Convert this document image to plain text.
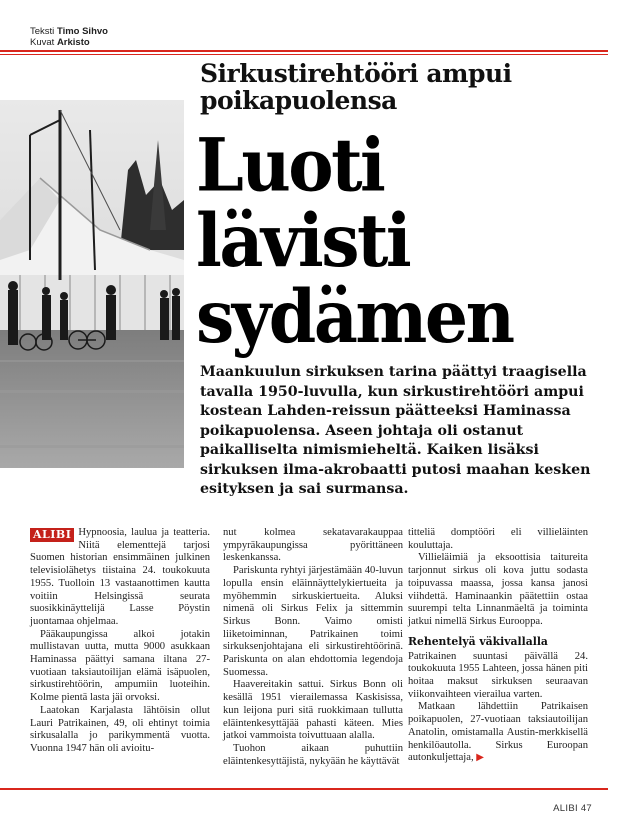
Teksti Timo Sihvo
Kuvat Arkisto
Sirkustirehtööri ampui poikapuolensa
Luoti
lävisti
sydämen
Maankuulun sirkuksen tarina päättyi traagisella tavalla 1950-luvulla, kun sirkustirehtööri ampui kostean Lahden-reissun päätteeksi Haminassa poikapuolensa. Aseen johtaja oli ostanut paikalliselta nimismieheltä. Kaiken lisäksi sirkuksen ilma-akrobaatti putosi maahan kesken esityksen ja sai surmansa.
ALIBI Hypnoosia, laulua ja teatteria. Niitä elementtejä tarjosi Suomen historian ensimmäinen julkinen televisiolähetys tiistaina 24. toukokuuta 1955. Tuolloin 13 vastaanottimen kautta voitiin Helsingissä seurata suosikkinäyttelijä Lasse Pöystin juontamaa ohjelmaa.

Pääkaupungissa alkoi jotakin mullistavan uutta, mutta 9000 asukkaan Haminassa päättyi samana iltana 27-vuotiaan taksiautoilijan elämä isäpuolen, sirkustirehtöörin, ampumiin luoteihin. Kolme pientä lasta jäi orvoksi.

Laatokan Karjalasta lähtöisin ollut Lauri Patrikainen, 49, oli ehtinyt toimia sirkusalalla jo parikymmentä vuotta. Vuonna 1947 hän oli avioitu-

nut kolmea sekatavarakauppaa ympyräkaupungissa pyörittäneen leskenkanssa.

Pariskunta ryhtyi järjestämään 40-luvun lopulla ensin eläinnäyttelykiertueita ja myöhemmin sirkuskiertueita. Aluksi nimenä oli Sirkus Felix ja sittemmin Sirkus Bonn. Vaimo omisti liiketoiminnan, Patrikainen toimi sirkuksenjohtajana eli sirkustirehtöörinä. Pariskunta on alan ehdottomia legendoja Suomessa.

Haavereitakin sattui. Sirkus Bonn oli kesällä 1951 vierailemassa Kaskisissa, kun leijona puri sitä ruokkimaan tullutta eläintenkesyttäjää pahasti käteen. Mies jatkoi vammoista toivuttuaan alalla.

Tuohon aikaan puhuttiin eläintenkesyttäjistä, nykyään he käyttävät

titteliä domptööri eli villieläinten kouluttaja.

Villieläimiä ja eksoottisia taitureita tarjonnut sirkus oli kova juttu sodasta toipuvassa maassa, jossa kansa janosi viihdettä. Haminaankin päätettiin ostaa suurempi telta Linnanmäeltä ja toiminta jatkui nimellä Sirkus Eurooppa.

Rehentelyä väkivallalla

Patrikainen suuntasi päivällä 24. toukokuuta 1955 Lahteen, jossa hänen piti hoitaa maksut sirkuksen seuraavan viikonvaihteen vierailua varten.

Matkaan lähdettiin Patrikaisen poikapuolen, 27-vuotiaan taksiautoilijan Anatolin, omistamalla Austin-merkkisellä henkilöautolla. Sirkus Euroopan autonkuljettaja, ▶

ALIBI 47
